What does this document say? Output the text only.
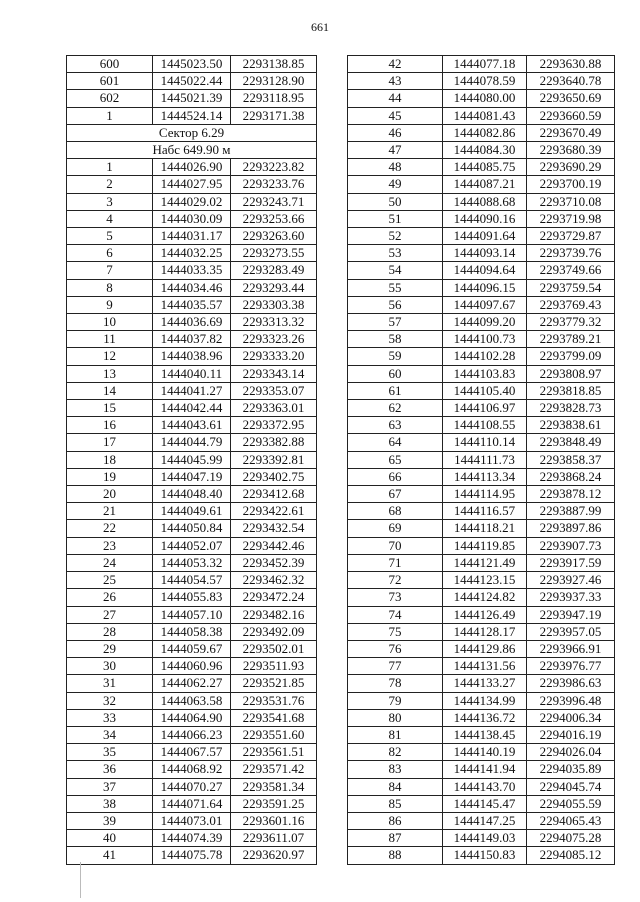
661
600	1445023.50	2293138.85
601	1445022.44	2293128.90
602	1445021.39	2293118.95
1	1444524.14	2293171.38
Сектор 6.29		
Набс 649.90 м		
1	1444026.90	2293223.82
2	1444027.95	2293233.76
3	1444029.02	2293243.71
4	1444030.09	2293253.66
5	1444031.17	2293263.60
6	1444032.25	2293273.55
7	1444033.35	2293283.49
8	1444034.46	2293293.44
9	1444035.57	2293303.38
10	1444036.69	2293313.32
11	1444037.82	2293323.26
12	1444038.96	2293333.20
13	1444040.11	2293343.14
14	1444041.27	2293353.07
15	1444042.44	2293363.01
16	1444043.61	2293372.95
17	1444044.79	2293382.88
18	1444045.99	2293392.81
19	1444047.19	2293402.75
20	1444048.40	2293412.68
21	1444049.61	2293422.61
22	1444050.84	2293432.54
23	1444052.07	2293442.46
24	1444053.32	2293452.39
25	1444054.57	2293462.32
26	1444055.83	2293472.24
27	1444057.10	2293482.16
28	1444058.38	2293492.09
29	1444059.67	2293502.01
30	1444060.96	2293511.93
31	1444062.27	2293521.85
32	1444063.58	2293531.76
33	1444064.90	2293541.68
34	1444066.23	2293551.60
35	1444067.57	2293561.51
36	1444068.92	2293571.42
37	1444070.27	2293581.34
38	1444071.64	2293591.25
39	1444073.01	2293601.16
40	1444074.39	2293611.07
41	1444075.78	2293620.97
42	1444077.18	2293630.88
43	1444078.59	2293640.78
44	1444080.00	2293650.69
45	1444081.43	2293660.59
46	1444082.86	2293670.49
47	1444084.30	2293680.39
48	1444085.75	2293690.29
49	1444087.21	2293700.19
50	1444088.68	2293710.08
51	1444090.16	2293719.98
52	1444091.64	2293729.87
53	1444093.14	2293739.76
54	1444094.64	2293749.66
55	1444096.15	2293759.54
56	1444097.67	2293769.43
57	1444099.20	2293779.32
58	1444100.73	2293789.21
59	1444102.28	2293799.09
60	1444103.83	2293808.97
61	1444105.40	2293818.85
62	1444106.97	2293828.73
63	1444108.55	2293838.61
64	1444110.14	2293848.49
65	1444111.73	2293858.37
66	1444113.34	2293868.24
67	1444114.95	2293878.12
68	1444116.57	2293887.99
69	1444118.21	2293897.86
70	1444119.85	2293907.73
71	1444121.49	2293917.59
72	1444123.15	2293927.46
73	1444124.82	2293937.33
74	1444126.49	2293947.19
75	1444128.17	2293957.05
76	1444129.86	2293966.91
77	1444131.56	2293976.77
78	1444133.27	2293986.63
79	1444134.99	2293996.48
80	1444136.72	2294006.34
81	1444138.45	2294016.19
82	1444140.19	2294026.04
83	1444141.94	2294035.89
84	1444143.70	2294045.74
85	1444145.47	2294055.59
86	1444147.25	2294065.43
87	1444149.03	2294075.28
88	1444150.83	2294085.12
